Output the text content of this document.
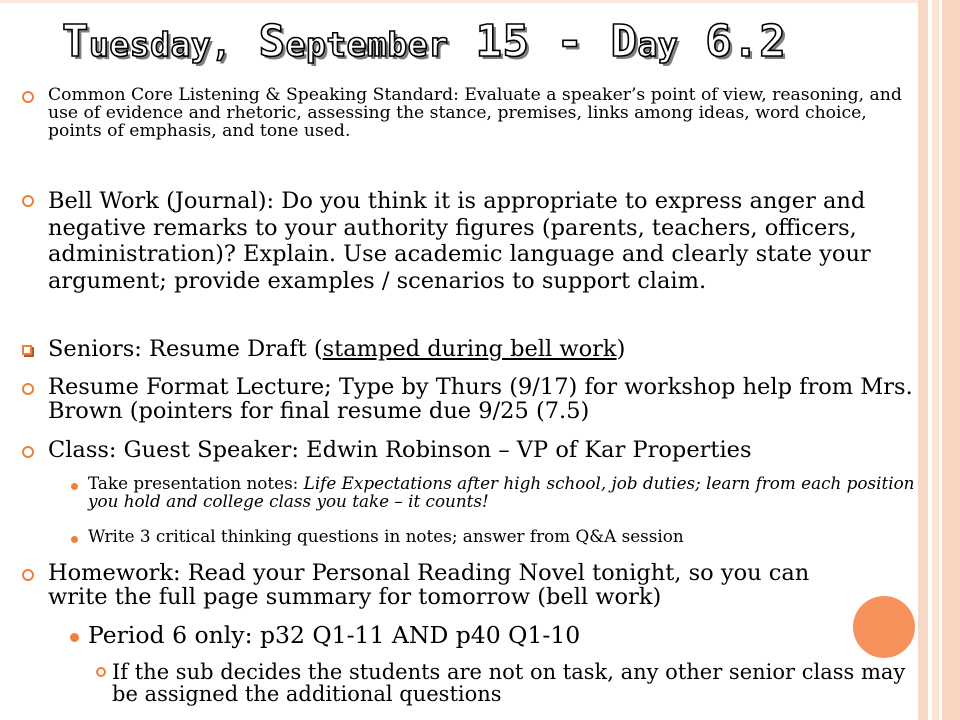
Tuesday, September 15 - Day 6.2

Common Core Listening & Speaking Standard: Evaluate a speaker’s point of view, reasoning, and use of evidence and rhetoric, assessing the stance, premises, links among ideas, word choice, points of emphasis, and tone used.

Bell Work (Journal): Do you think it is appropriate to express anger and negative remarks to your authority figures (parents, teachers, officers, administration)? Explain. Use academic language and clearly state your argument; provide examples / scenarios to support claim.

Seniors: Resume Draft (stamped during bell work)

Resume Format Lecture; Type by Thurs (9/17) for workshop help from Mrs. Brown (pointers for final resume due 9/25 (7.5)

Class: Guest Speaker: Edwin Robinson – VP of Kar Properties

Take presentation notes: Life Expectations after high school, job duties; learn from each position you hold and college class you take – it counts!

Write 3 critical thinking questions in notes; answer from Q&A session

Homework: Read your Personal Reading Novel tonight, so you can write the full page summary for tomorrow (bell work)

Period 6 only: p32 Q1-11 AND p40 Q1-10

If the sub decides the students are not on task, any other senior class may be assigned the additional questions
